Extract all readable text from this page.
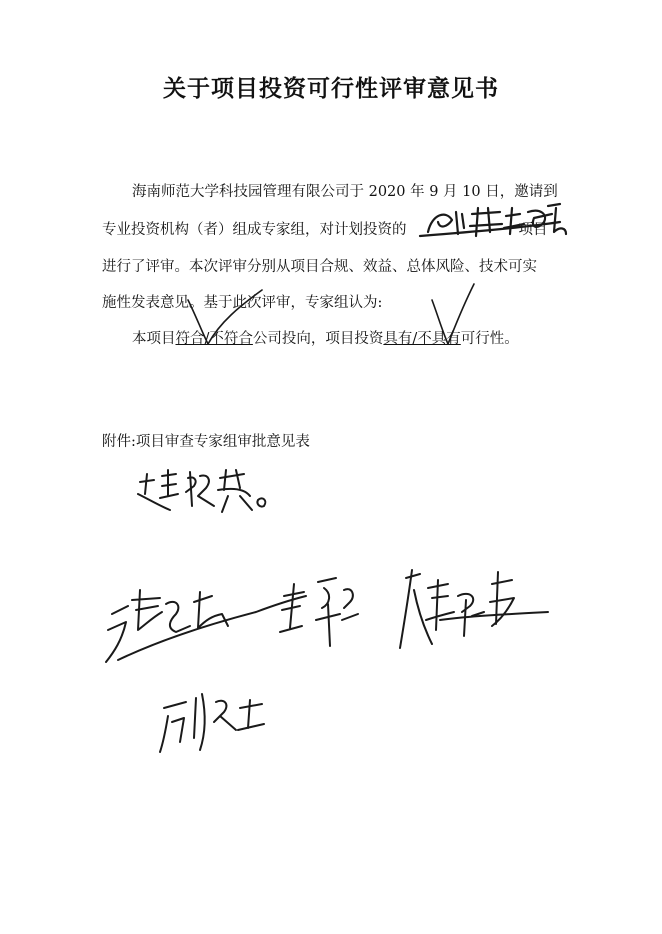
关于项目投资可行性评审意见书
海南师范大学科技园管理有限公司于 2020 年 9 月 10 日，邀请到
专业投资机构（者）组成专家组，对计划投资的	项目
进行了评审。本次评审分别从项目合规、效益、总体风险、技术可实
施性发表意见。基于此次评审，专家组认为:
本项目符合/不符合公司投向，项目投资具有/不具有可行性。
附件:项目审查专家组审批意见表
